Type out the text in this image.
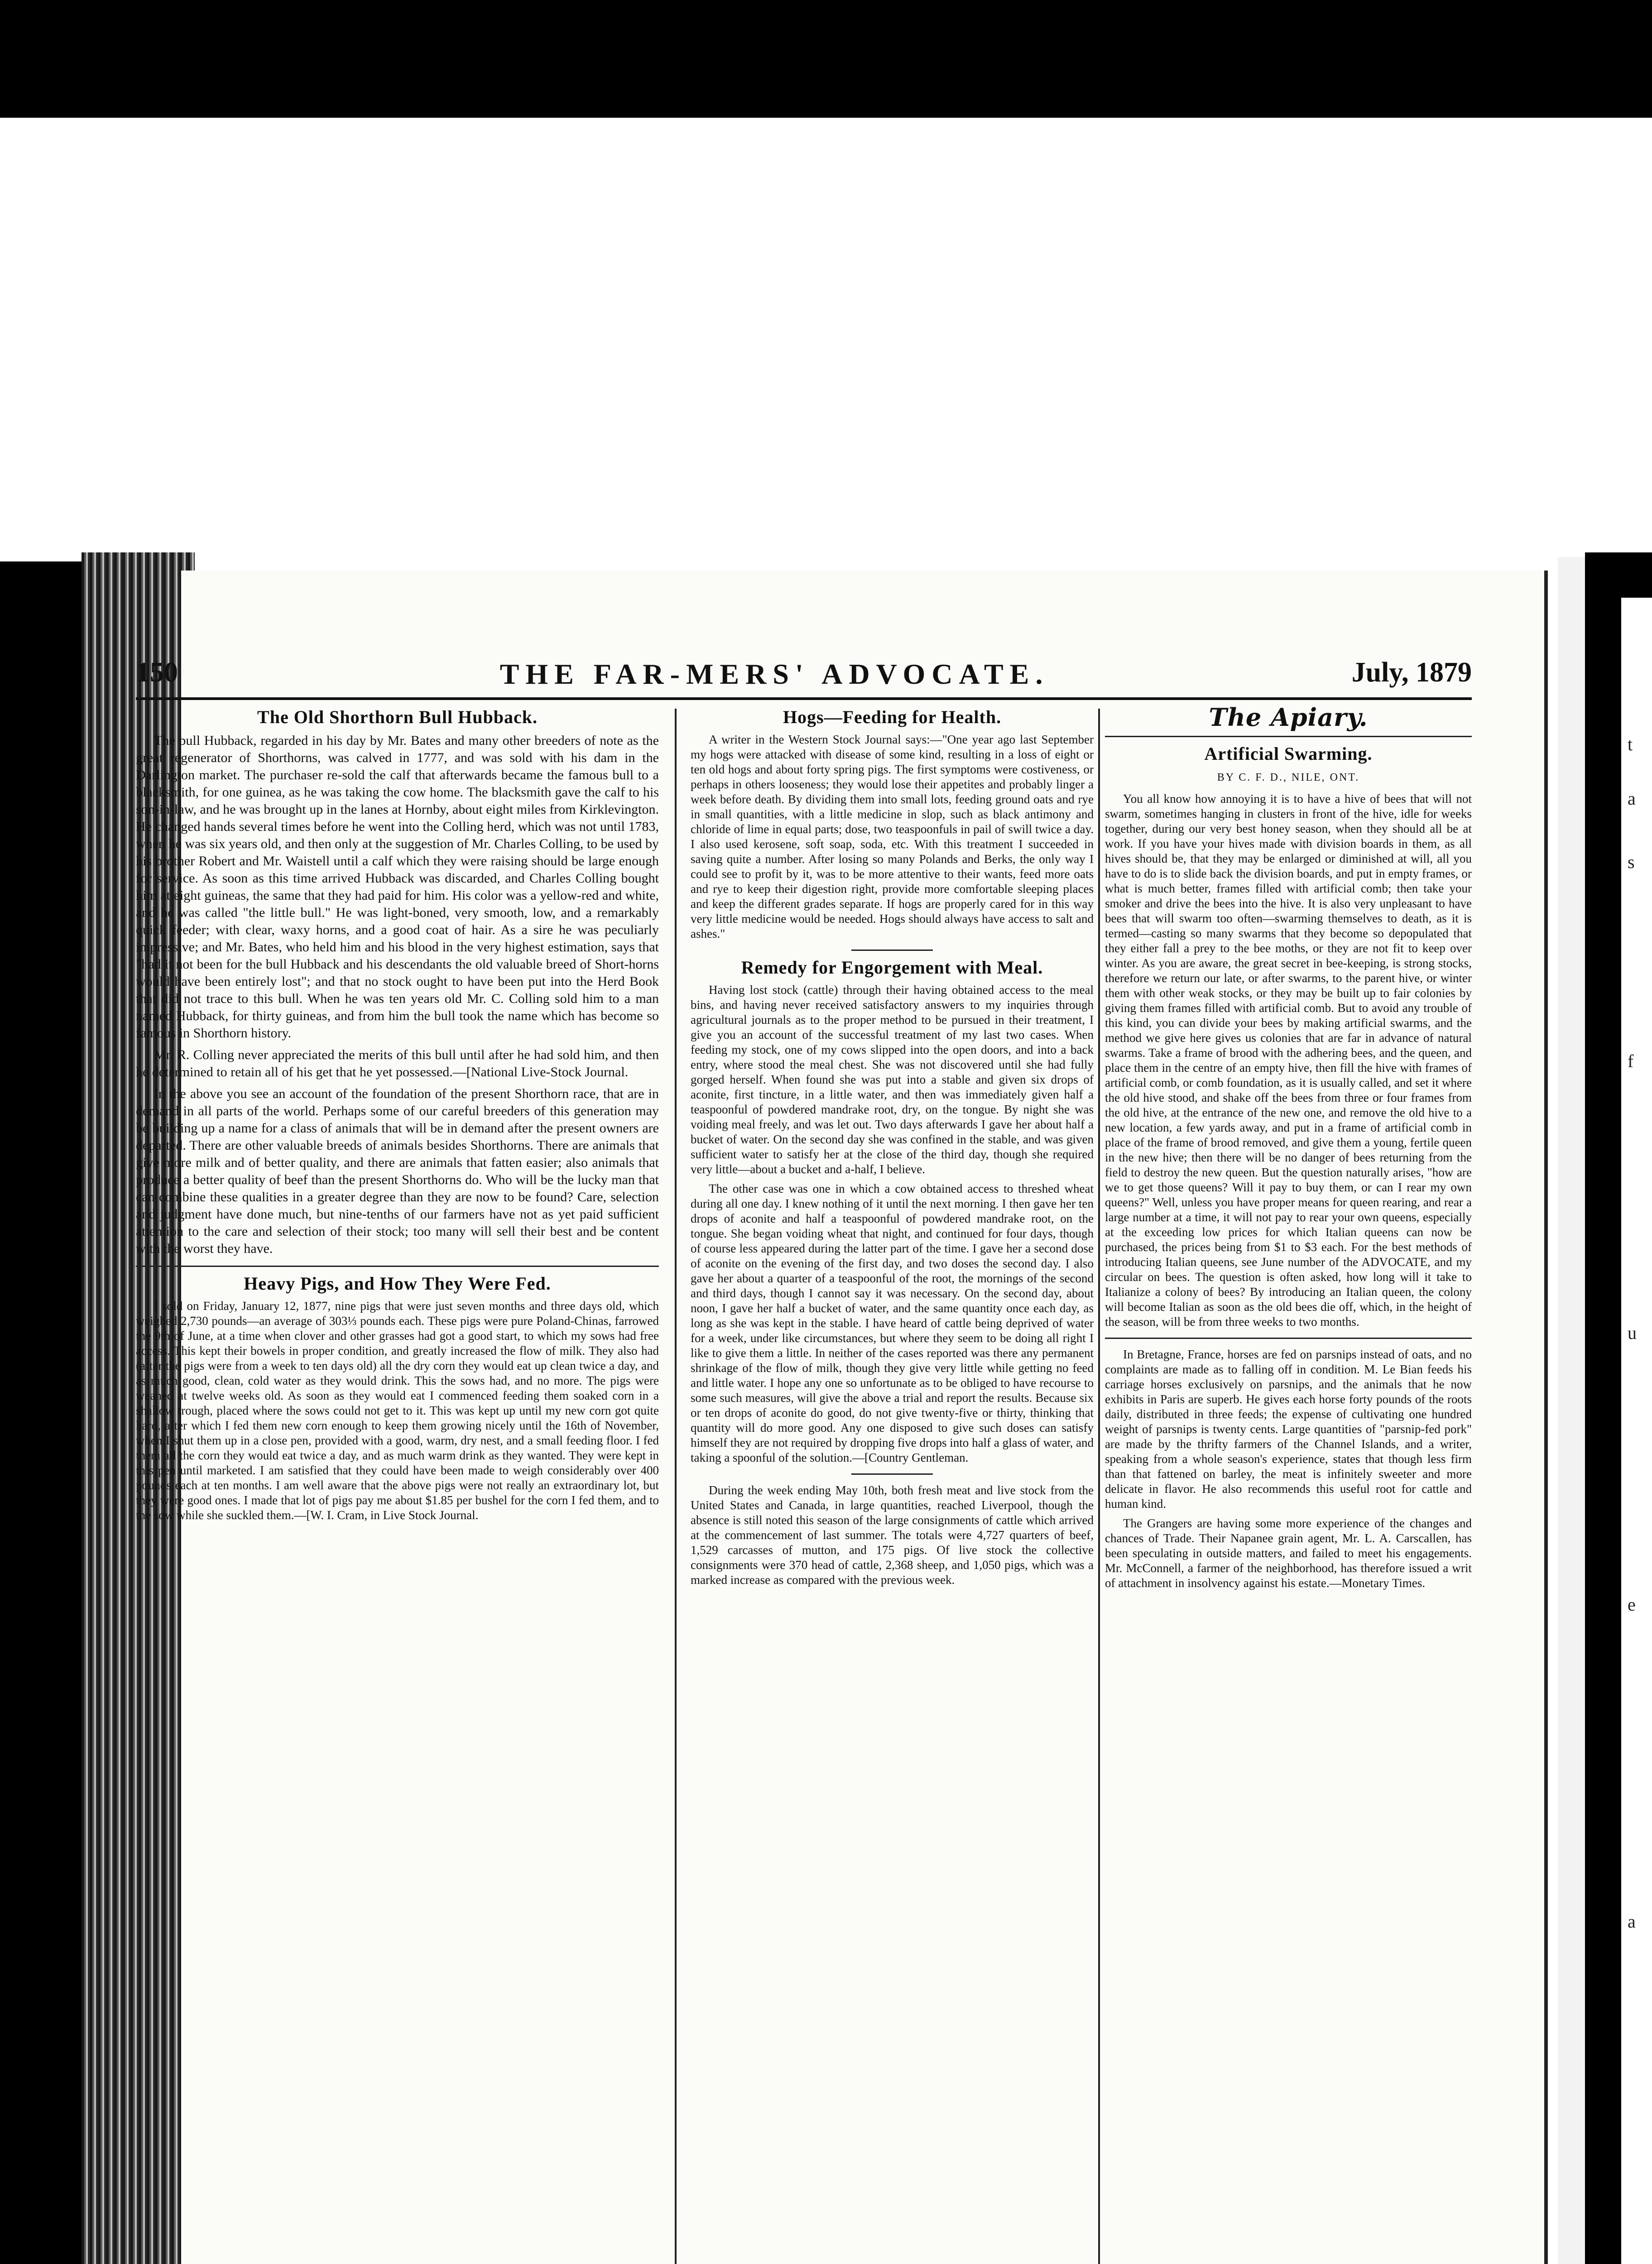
t
a
s
f
u
e
a
150	THE FAR-MERS' ADVOCATE.	July, 1879
The Old Shorthorn Bull Hubback.

The bull Hubback, regarded in his day by Mr. Bates and many other breeders of note as the great regenerator of Shorthorns, was calved in 1777, and was sold with his dam in the Darlington market. The purchaser re-sold the calf that afterwards became the famous bull to a blacksmith, for one guinea, as he was taking the cow home. The blacksmith gave the calf to his son-in-law, and he was brought up in the lanes at Hornby, about eight miles from Kirklevington. He changed hands several times before he went into the Colling herd, which was not until 1783, when he was six years old, and then only at the suggestion of Mr. Charles Colling, to be used by his brother Robert and Mr. Waistell until a calf which they were raising should be large enough for service. As soon as this time arrived Hubback was discarded, and Charles Colling bought him at eight guineas, the same that they had paid for him. His color was a yellow-red and white, and he was called "the little bull." He was light-boned, very smooth, low, and a remarkably quick feeder; with clear, waxy horns, and a good coat of hair. As a sire he was peculiarly impressive; and Mr. Bates, who held him and his blood in the very highest estimation, says that "had it not been for the bull Hubback and his descendants the old valuable breed of Short-horns would have been entirely lost"; and that no stock ought to have been put into the Herd Book that did not trace to this bull. When he was ten years old Mr. C. Colling sold him to a man named Hubback, for thirty guineas, and from him the bull took the name which has become so famous in Shorthorn history.

Mr. R. Colling never appreciated the merits of this bull until after he had sold him, and then he determined to retain all of his get that he yet possessed.—[National Live-Stock Journal.

In the above you see an account of the foundation of the present Shorthorn race, that are in demand in all parts of the world. Perhaps some of our careful breeders of this generation may be building up a name for a class of animals that will be in demand after the present owners are departed. There are other valuable breeds of animals besides Shorthorns. There are animals that give more milk and of better quality, and there are animals that fatten easier; also animals that produce a better quality of beef than the present Shorthorns do. Who will be the lucky man that can combine these qualities in a greater degree than they are now to be found? Care, selection and judgment have done much, but nine-tenths of our farmers have not as yet paid sufficient attention to the care and selection of their stock; too many will sell their best and be content with the worst they have.

Heavy Pigs, and How They Were Fed.

I sold on Friday, January 12, 1877, nine pigs that were just seven months and three days old, which weighed 2,730 pounds—an average of 303⅓ pounds each. These pigs were pure Poland-Chinas, farrowed the 9th of June, at a time when clover and other grasses had got a good start, to which my sows had free access. This kept their bowels in proper condition, and greatly increased the flow of milk. They also had (after the pigs were from a week to ten days old) all the dry corn they would eat up clean twice a day, and as much good, clean, cold water as they would drink. This the sows had, and no more. The pigs were weaned at twelve weeks old. As soon as they would eat I commenced feeding them soaked corn in a shallow trough, placed where the sows could not get to it. This was kept up until my new corn got quite hard, after which I fed them new corn enough to keep them growing nicely until the 16th of November, when I shut them up in a close pen, provided with a good, warm, dry nest, and a small feeding floor. I fed them all the corn they would eat twice a day, and as much warm drink as they wanted. They were kept in this pen until marketed. I am satisfied that they could have been made to weigh considerably over 400 pounds each at ten months. I am well aware that the above pigs were not really an extraordinary lot, but they were good ones. I made that lot of pigs pay me about $1.85 per bushel for the corn I fed them, and to the sow while she suckled them.—[W. I. Cram, in Live Stock Journal.

Hogs—Feeding for Health.

A writer in the Western Stock Journal says:—"One year ago last September my hogs were attacked with disease of some kind, resulting in a loss of eight or ten old hogs and about forty spring pigs. The first symptoms were costiveness, or perhaps in others looseness; they would lose their appetites and probably linger a week before death. By dividing them into small lots, feeding ground oats and rye in small quantities, with a little medicine in slop, such as black antimony and chloride of lime in equal parts; dose, two teaspoonfuls in pail of swill twice a day. I also used kerosene, soft soap, soda, etc. With this treatment I succeeded in saving quite a number. After losing so many Polands and Berks, the only way I could see to profit by it, was to be more attentive to their wants, feed more oats and rye to keep their digestion right, provide more comfortable sleeping places and keep the different grades separate. If hogs are properly cared for in this way very little medicine would be needed. Hogs should always have access to salt and ashes."

Remedy for Engorgement with Meal.

Having lost stock (cattle) through their having obtained access to the meal bins, and having never received satisfactory answers to my inquiries through agricultural journals as to the proper method to be pursued in their treatment, I give you an account of the successful treatment of my last two cases. When feeding my stock, one of my cows slipped into the open doors, and into a back entry, where stood the meal chest. She was not discovered until she had fully gorged herself. When found she was put into a stable and given six drops of aconite, first tincture, in a little water, and then was immediately given half a teaspoonful of powdered mandrake root, dry, on the tongue. By night she was voiding meal freely, and was let out. Two days afterwards I gave her about half a bucket of water. On the second day she was confined in the stable, and was given sufficient water to satisfy her at the close of the third day, though she required very little—about a bucket and a-half, I believe.

The other case was one in which a cow obtained access to threshed wheat during all one day. I knew nothing of it until the next morning. I then gave her ten drops of aconite and half a teaspoonful of powdered mandrake root, on the tongue. She began voiding wheat that night, and continued for four days, though of course less appeared during the latter part of the time. I gave her a second dose of aconite on the evening of the first day, and two doses the second day. I also gave her about a quarter of a teaspoonful of the root, the mornings of the second and third days, though I cannot say it was necessary. On the second day, about noon, I gave her half a bucket of water, and the same quantity once each day, as long as she was kept in the stable. I have heard of cattle being deprived of water for a week, under like circumstances, but where they seem to be doing all right I like to give them a little. In neither of the cases reported was there any permanent shrinkage of the flow of milk, though they give very little while getting no feed and little water. I hope any one so unfortunate as to be obliged to have recourse to some such measures, will give the above a trial and report the results. Because six or ten drops of aconite do good, do not give twenty-five or thirty, thinking that quantity will do more good. Any one disposed to give such doses can satisfy himself they are not required by dropping five drops into half a glass of water, and taking a spoonful of the solution.—[Country Gentleman.

During the week ending May 10th, both fresh meat and live stock from the United States and Canada, in large quantities, reached Liverpool, though the absence is still noted this season of the large consignments of cattle which arrived at the commencement of last summer. The totals were 4,727 quarters of beef, 1,529 carcasses of mutton, and 175 pigs. Of live stock the collective consignments were 370 head of cattle, 2,368 sheep, and 1,050 pigs, which was a marked increase as compared with the previous week.

The Apiary.
Artificial Swarming.

BY C. F. D., NILE, ONT.

You all know how annoying it is to have a hive of bees that will not swarm, sometimes hanging in clusters in front of the hive, idle for weeks together, during our very best honey season, when they should all be at work. If you have your hives made with division boards in them, as all hives should be, that they may be enlarged or diminished at will, all you have to do is to slide back the division boards, and put in empty frames, or what is much better, frames filled with artificial comb; then take your smoker and drive the bees into the hive. It is also very unpleasant to have bees that will swarm too often—swarming themselves to death, as it is termed—casting so many swarms that they become so depopulated that they either fall a prey to the bee moths, or they are not fit to keep over winter. As you are aware, the great secret in bee-keeping, is strong stocks, therefore we return our late, or after swarms, to the parent hive, or winter them with other weak stocks, or they may be built up to fair colonies by giving them frames filled with artificial comb. But to avoid any trouble of this kind, you can divide your bees by making artificial swarms, and the method we give here gives us colonies that are far in advance of natural swarms. Take a frame of brood with the adhering bees, and the queen, and place them in the centre of an empty hive, then fill the hive with frames of artificial comb, or comb foundation, as it is usually called, and set it where the old hive stood, and shake off the bees from three or four frames from the old hive, at the entrance of the new one, and remove the old hive to a new location, a few yards away, and put in a frame of artificial comb in place of the frame of brood removed, and give them a young, fertile queen in the new hive; then there will be no danger of bees returning from the field to destroy the new queen. But the question naturally arises, "how are we to get those queens? Will it pay to buy them, or can I rear my own queens?" Well, unless you have proper means for queen rearing, and rear a large number at a time, it will not pay to rear your own queens, especially at the exceeding low prices for which Italian queens can now be purchased, the prices being from $1 to $3 each. For the best methods of introducing Italian queens, see June number of the ADVOCATE, and my circular on bees. The question is often asked, how long will it take to Italianize a colony of bees? By introducing an Italian queen, the colony will become Italian as soon as the old bees die off, which, in the height of the season, will be from three weeks to two months.

In Bretagne, France, horses are fed on parsnips instead of oats, and no complaints are made as to falling off in condition. M. Le Bian feeds his carriage horses exclusively on parsnips, and the animals that he now exhibits in Paris are superb. He gives each horse forty pounds of the roots daily, distributed in three feeds; the expense of cultivating one hundred weight of parsnips is twenty cents. Large quantities of "parsnip-fed pork" are made by the thrifty farmers of the Channel Islands, and a writer, speaking from a whole season's experience, states that though less firm than that fattened on barley, the meat is infinitely sweeter and more delicate in flavor. He also recommends this useful root for cattle and human kind.

The Grangers are having some more experience of the changes and chances of Trade. Their Napanee grain agent, Mr. L. A. Carscallen, has been speculating in outside matters, and failed to meet his engagements. Mr. McConnell, a farmer of the neighborhood, has therefore issued a writ of attachment in insolvency against his estate.—Monetary Times.
